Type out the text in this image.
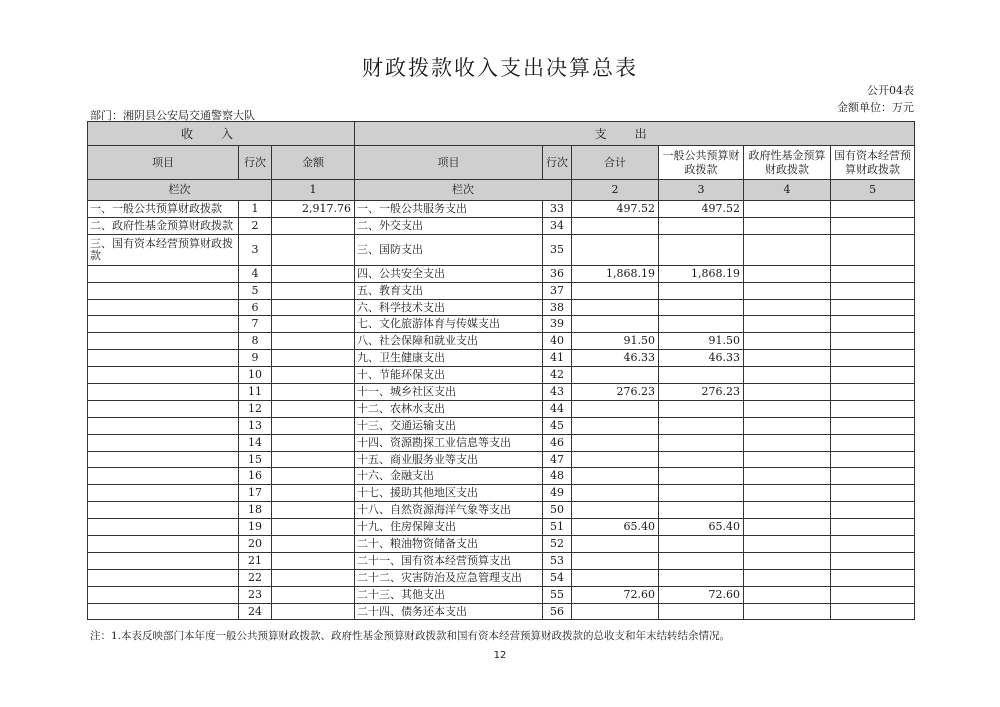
财政拨款收入支出决算总表
公开04表
金额单位：万元
部门：湘阴县公安局交通警察大队
收入			支出					
项目	行次	金额	项目	行次	合计	一般公共预算财政拨款	政府性基金预算财政拨款	国有资本经营预算财政拨款
栏次		1	栏次		2	3	4	5
一、一般公共预算财政拨款	1	2,917.76	一、一般公共服务支出	33	497.52	497.52		
二、政府性基金预算财政拨款	2		二、外交支出	34				
三、国有资本经营预算财政拨款	3		三、国防支出	35				
	4		四、公共安全支出	36	1,868.19	1,868.19		
	5		五、教育支出	37				
	6		六、科学技术支出	38				
	7		七、文化旅游体育与传媒支出	39				
	8		八、社会保障和就业支出	40	91.50	91.50		
	9		九、卫生健康支出	41	46.33	46.33		
	10		十、节能环保支出	42				
	11		十一、城乡社区支出	43	276.23	276.23		
	12		十二、农林水支出	44				
	13		十三、交通运输支出	45				
	14		十四、资源勘探工业信息等支出	46				
	15		十五、商业服务业等支出	47				
	16		十六、金融支出	48				
	17		十七、援助其他地区支出	49				
	18		十八、自然资源海洋气象等支出	50				
	19		十九、住房保障支出	51	65.40	65.40		
	20		二十、粮油物资储备支出	52				
	21		二十一、国有资本经营预算支出	53				
	22		二十二、灾害防治及应急管理支出	54				
	23		二十三、其他支出	55	72.60	72.60		
	24		二十四、债务还本支出	56				
注：1.本表反映部门本年度一般公共预算财政拨款、政府性基金预算财政拨款和国有资本经营预算财政拨款的总收支和年末结转结余情况。
12
